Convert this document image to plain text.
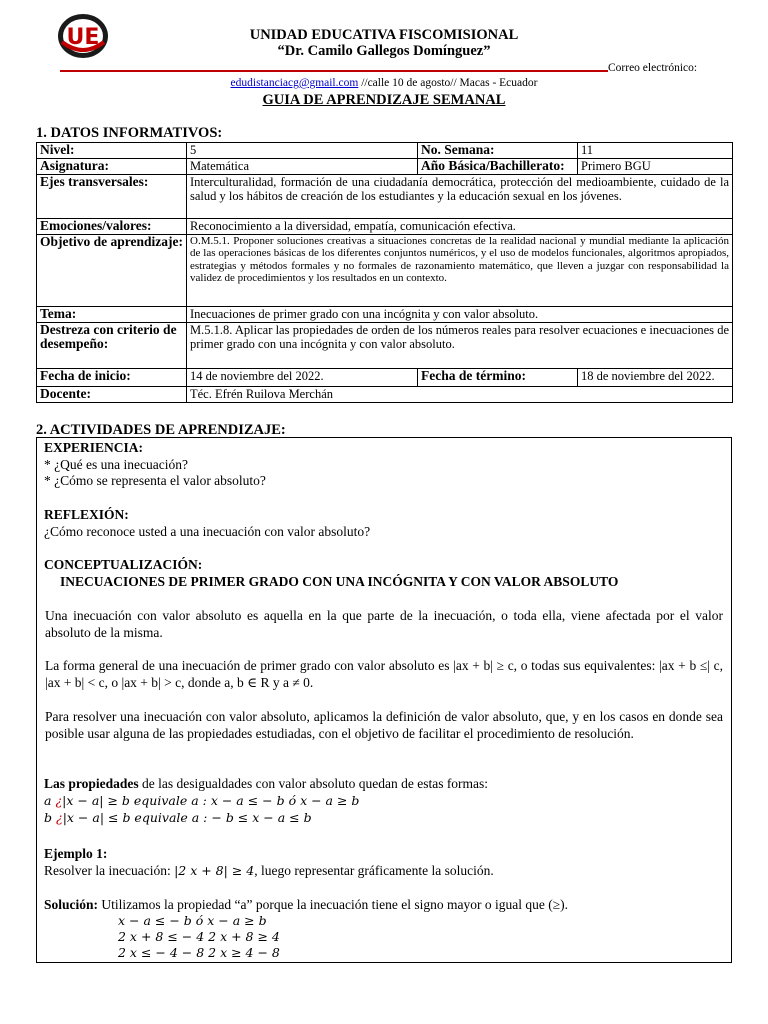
UE	UNIDAD EDUCATIVA FISCOMISIONAL
“Dr. Camilo Gallegos Domínguez”
Correo electrónico:
edudistanciacg@gmail.com //calle 10 de agosto// Macas - Ecuador
GUIA DE APRENDIZAJE SEMANAL
1. DATOS INFORMATIVOS:
Nivel:	5	No. Semana:	11
Asignatura:	Matemática	Año Básica/Bachillerato:	Primero BGU
Ejes transversales:	Interculturalidad, formación de una ciudadanía democrática, protección del medioambiente, cuidado de la salud y los hábitos de creación de los estudiantes y la educación sexual en los jóvenes.		
Emociones/valores:	Reconocimiento a la diversidad, empatía, comunicación efectiva.		
Objetivo de aprendizaje:	O.M.5.1. Proponer soluciones creativas a situaciones concretas de la realidad nacional y mundial mediante la aplicación de las operaciones básicas de los diferentes conjuntos numéricos, y el uso de modelos funcionales, algoritmos apropiados, estrategias y métodos formales y no formales de razonamiento matemático, que lleven a juzgar con responsabilidad la validez de procedimientos y los resultados en un contexto.		
Tema:	Inecuaciones de primer grado con una incógnita y con valor absoluto.		
Destreza con criterio de desempeño:	M.5.1.8. Aplicar las propiedades de orden de los números reales para resolver ecuaciones e inecuaciones de primer grado con una incógnita y con valor absoluto.		
Fecha de inicio:	14 de noviembre del 2022.	Fecha de término:	18 de noviembre del 2022.
Docente:	Téc. Efrén Ruilova Merchán		
2. ACTIVIDADES DE APRENDIZAJE:
EXPERIENCIA:
* ¿Qué es una inecuación?
* ¿Cómo se representa el valor absoluto?
REFLEXIÓN:
¿Cómo reconoce usted a una inecuación con valor absoluto?
CONCEPTUALIZACIÓN:
INECUACIONES DE PRIMER GRADO CON UNA INCÓGNITA Y CON VALOR ABSOLUTO
Una inecuación con valor absoluto es aquella en la que parte de la inecuación, o toda ella, viene afectada por el valor absoluto de la misma.
La forma general de una inecuación de primer grado con valor absoluto es |ax + b| ≥ c, o todas sus equivalentes: |ax + b ≤| c, |ax + b| < c, o |ax + b| > c, donde a, b ∈ R y a ≠ 0.
Para resolver una inecuación con valor absoluto, aplicamos la definición de valor absoluto, que, y en los casos en donde sea posible usar alguna de las propiedades estudiadas, con el objetivo de facilitar el procedimiento de resolución.
Las propiedades de las desigualdades con valor absoluto quedan de estas formas:
a ¿|x − a| ≥ b equivale a : x − a ≤ − b ó x − a ≥ b
b ¿|x − a| ≤ b equivale a : − b ≤ x − a ≤ b
Ejemplo 1:
Resolver la inecuación: |2 x + 8| ≥ 4, luego representar gráficamente la solución.
Solución: Utilizamos la propiedad “a” porque la inecuación tiene el signo mayor o igual que (≥).
x − a ≤ − b ó x − a ≥ b
2 x + 8 ≤ − 4 2 x + 8 ≥ 4
2 x ≤ − 4 − 8 2 x ≥ 4 − 8
